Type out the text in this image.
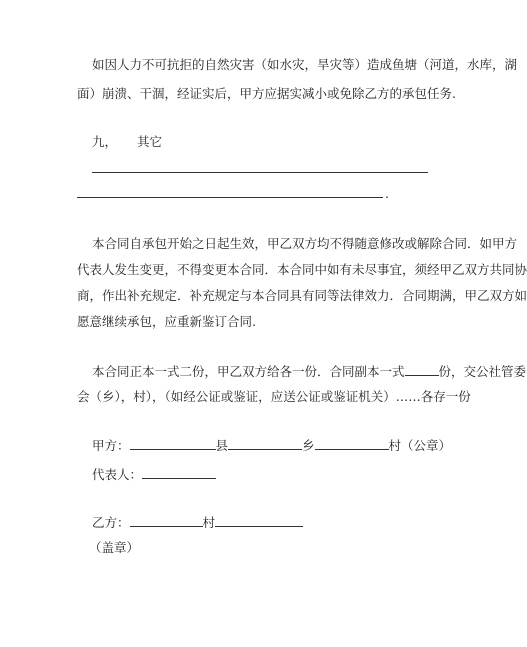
如因人力不可抗拒的自然灾害（如水灾，旱灾等）造成鱼塘（河道，水库，湖
面）崩溃、干涸，经证实后，甲方应据实减小或免除乙方的承包任务.
九， 其它
.
本合同自承包开始之日起生效，甲乙双方均不得随意修改或解除合同．如甲方
代表人发生变更，不得变更本合同．本合同中如有未尽事宜，须经甲乙双方共同协
商，作出补充规定．补充规定与本合同具有同等法律效力．合同期满，甲乙双方如
愿意继续承包，应重新鉴订合同.
本合同正本一式二份，甲乙双方给各一份．合同副本一式	份，交公社管委
会（乡），村），（如经公证或鉴证，应送公证或鉴证机关）……各存一份
甲方：	县	乡	村（公章）
代表人：
乙方：	村
（盖章）
